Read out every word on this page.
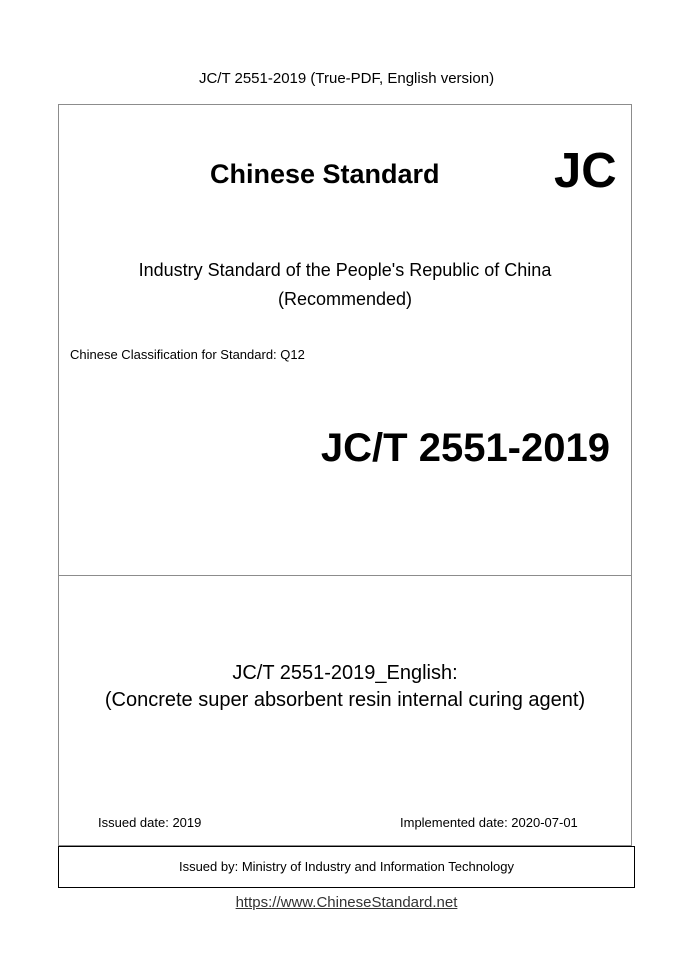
JC/T 2551-2019 (True-PDF, English version)
Chinese Standard JC
Industry Standard of the People's Republic of China
(Recommended)
Chinese Classification for Standard: Q12
JC/T 2551-2019
JC/T 2551-2019_English:
(Concrete super absorbent resin internal curing agent)
Issued date: 2019	Implemented date: 2020-07-01
Issued by: Ministry of Industry and Information Technology
https://www.ChineseStandard.net
